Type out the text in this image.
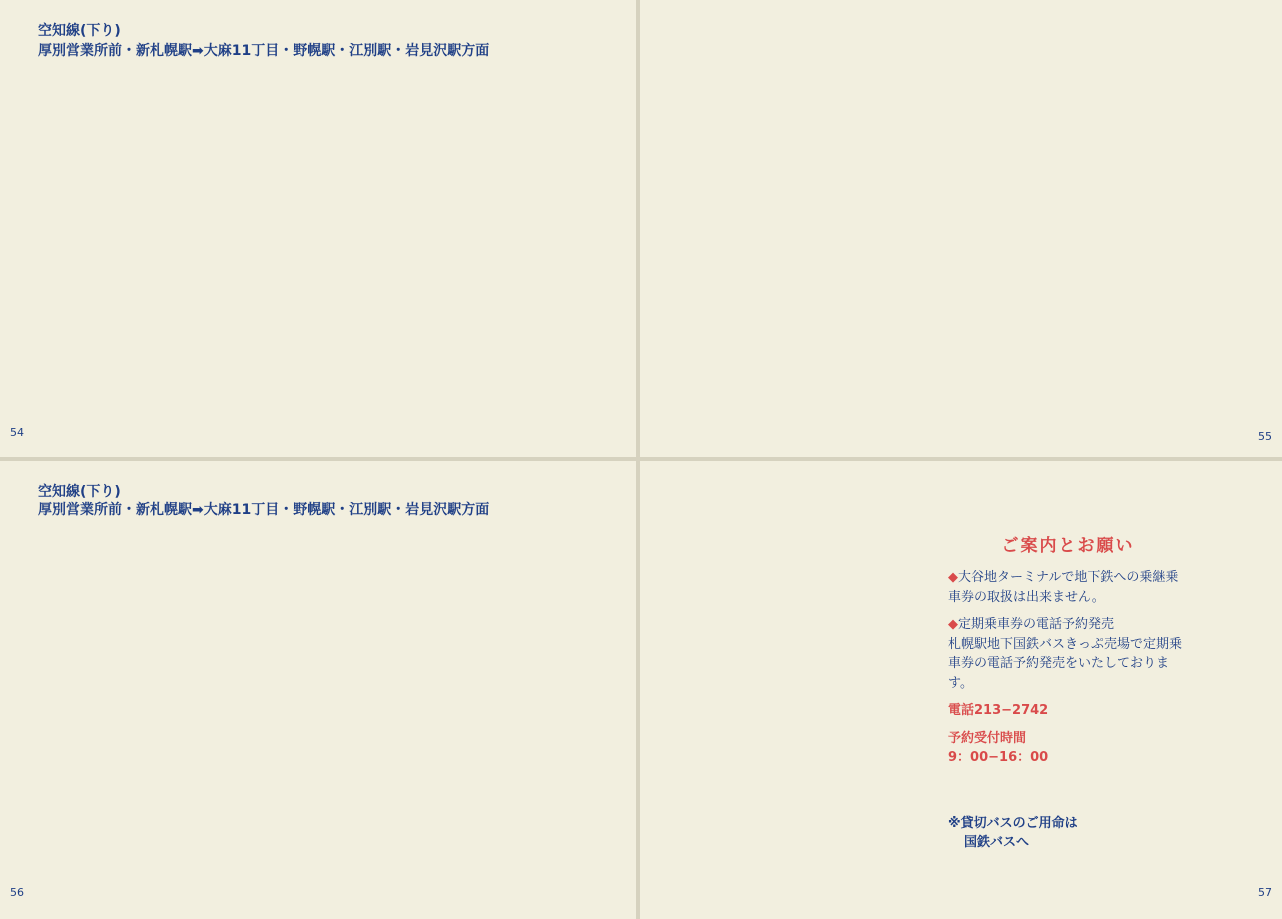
空知線(下り)
厚別営業所前・新札幌駅➡大麻11丁目・野幌駅・江別駅・岩見沢駅方面
空知線(下り)
厚別営業所前・新札幌駅➡大麻11丁目・野幌駅・江別駅・岩見沢駅方面
54	55
56	57
ご案内とお願い
◆大谷地ターミナルで地下鉄への乗継乗車券の取扱は出来ません。
◆定期乗車券の電話予約発売
札幌駅地下国鉄バスきっぷ売場で定期乗車券の電話予約発売をいたしております。
電話213−2742
予約受付時間
9：00−16：00
※貸切バスのご用命は
国鉄バスへ
